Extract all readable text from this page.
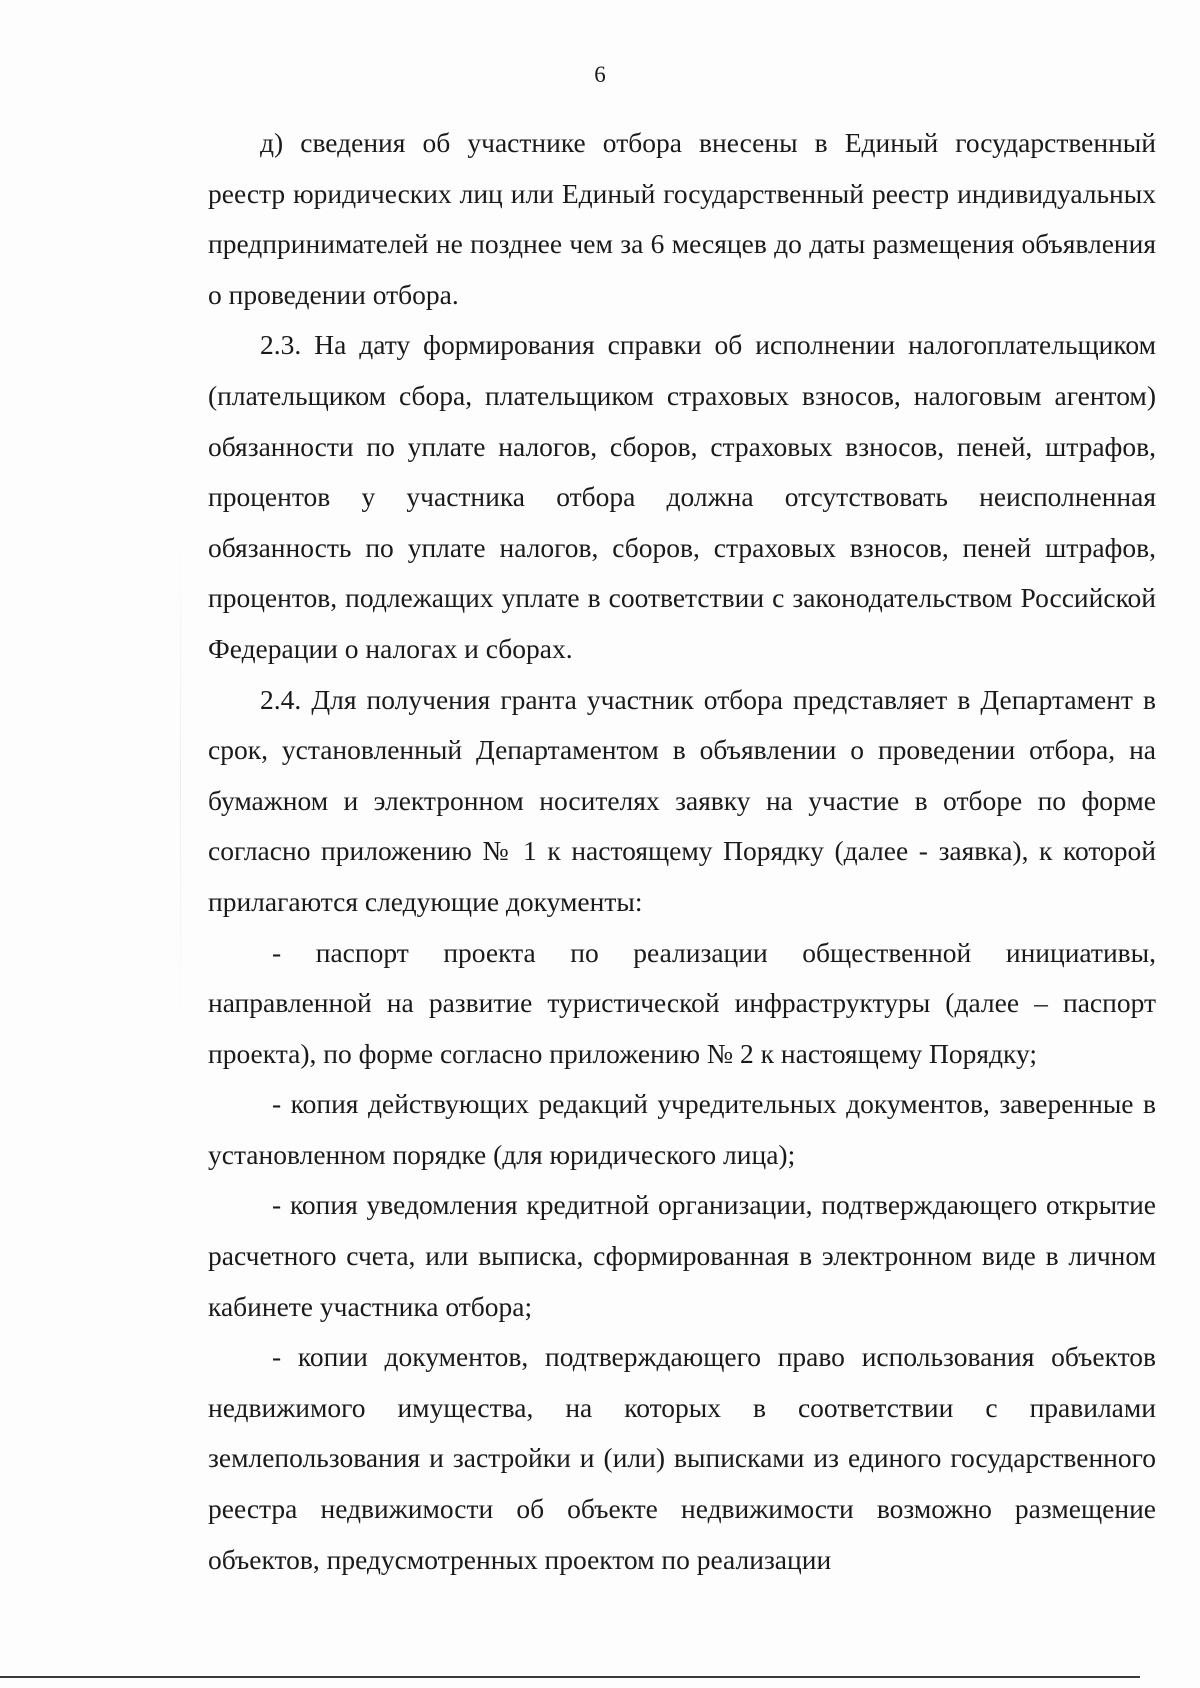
6

д) сведения об участнике отбора внесены в Единый государственный реестр юридических лиц или Единый государственный реестр индивидуальных предпринимателей не позднее чем за 6 месяцев до даты размещения объявления о проведении отбора.

2.3. На дату формирования справки об исполнении налогоплательщиком (плательщиком сбора, плательщиком страховых взносов, налоговым агентом) обязанности по уплате налогов, сборов, страховых взносов, пеней, штрафов, процентов у участника отбора должна отсутствовать неисполненная обязанность по уплате налогов, сборов, страховых взносов, пеней штрафов, процентов, подлежащих уплате в соответствии с законодательством Российской Федерации о налогах и сборах.

2.4. Для получения гранта участник отбора представляет в Департамент в срок, установленный Департаментом в объявлении о проведении отбора, на бумажном и электронном носителях заявку на участие в отборе по форме согласно приложению № 1 к настоящему Порядку (далее - заявка), к которой прилагаются следующие документы:

- паспорт проекта по реализации общественной инициативы, направленной на развитие туристической инфраструктуры (далее – паспорт проекта), по форме согласно приложению № 2 к настоящему Порядку;

- копия действующих редакций учредительных документов, заверенные в установленном порядке (для юридического лица);

- копия уведомления кредитной организации, подтверждающего открытие расчетного счета, или выписка, сформированная в электронном виде в личном кабинете участника отбора;

- копии документов, подтверждающего право использования объектов недвижимого имущества, на которых в соответствии с правилами землепользования и застройки и (или) выписками из единого государственного реестра недвижимости об объекте недвижимости возможно размещение объектов, предусмотренных проектом по реализации
